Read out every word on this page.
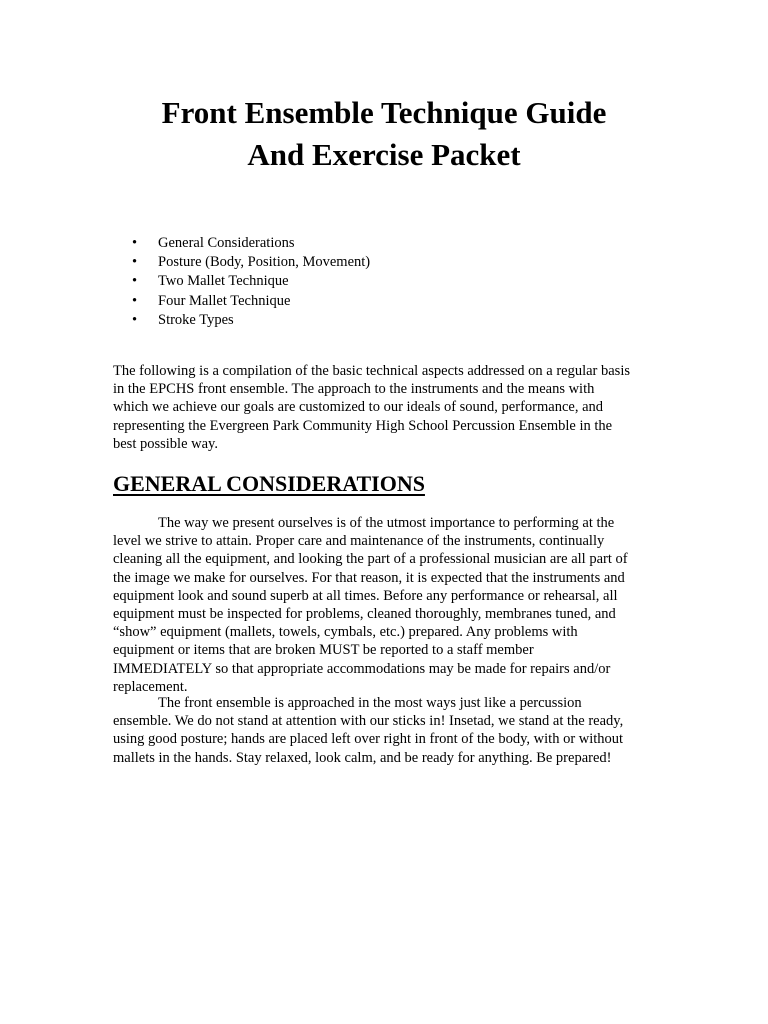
Front Ensemble Technique Guide
And Exercise Packet
• General Considerations
• Posture (Body, Position, Movement)
• Two Mallet Technique
• Four Mallet Technique
• Stroke Types

The following is a compilation of the basic technical aspects addressed on a regular basis
in the EPCHS front ensemble. The approach to the instruments and the means with
which we achieve our goals are customized to our ideals of sound, performance, and
representing the Evergreen Park Community High School Percussion Ensemble in the
best possible way.

GENERAL CONSIDERATIONS

The way we present ourselves is of the utmost importance to performing at the
level we strive to attain. Proper care and maintenance of the instruments, continually
cleaning all the equipment, and looking the part of a professional musician are all part of
the image we make for ourselves. For that reason, it is expected that the instruments and
equipment look and sound superb at all times. Before any performance or rehearsal, all
equipment must be inspected for problems, cleaned thoroughly, membranes tuned, and
“show” equipment (mallets, towels, cymbals, etc.) prepared. Any problems with
equipment or items that are broken MUST be reported to a staff member
IMMEDIATELY so that appropriate accommodations may be made for repairs and/or
replacement.

The front ensemble is approached in the most ways just like a percussion
ensemble. We do not stand at attention with our sticks in! Insetad, we stand at the ready,
using good posture; hands are placed left over right in front of the body, with or without
mallets in the hands. Stay relaxed, look calm, and be ready for anything. Be prepared!
